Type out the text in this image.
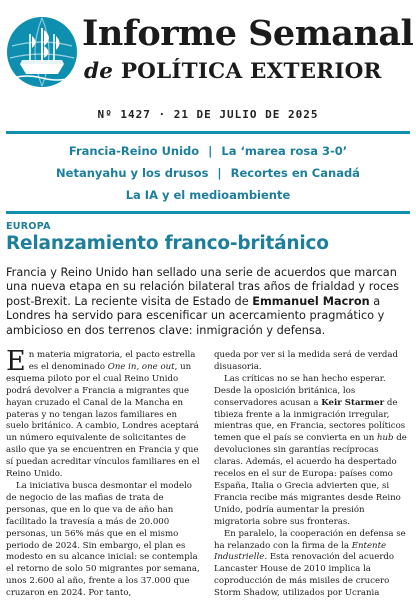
Informe Semanal
de POLÍTICA EXTERIOR
Nº 1427 · 21 DE JULIO DE 2025
Francia-Reino Unido | La ‘marea rosa 3-0’
Netanyahu y los drusos | Recortes en Canadá
La IA y el medioambiente
EUROPA
Relanzamiento franco-británico
Francia y Reino Unido han sellado una serie de acuerdos que marcan una nueva etapa en su relación bilateral tras años de frialdad y roces post-Brexit. La reciente visita de Estado de Emmanuel Macron a Londres ha servido para escenificar un acercamiento pragmático y ambicioso en dos terrenos clave: inmigración y defensa.

E n materia migratoria, el pacto estrella
es el denominado One in, one out, un
esquema piloto por el cual Reino Unido
podrá devolver a Francia a migrantes que hayan cruzado el Canal de la Mancha en pateras y no tengan lazos familiares en suelo británico. A cambio, Londres aceptará un número equivalente de solicitantes de asilo que ya se encuentren en Francia y que sí puedan acreditar vínculos familiares en el Reino Unido.

La iniciativa busca desmontar el modelo de negocio de las mafias de trata de personas, que en lo que va de año han facilitado la travesía a más de 20.000 personas, un 56% más que en el mismo periodo de 2024. Sin embargo, el plan es modesto en su alcance inicial: se contempla el retorno de solo 50 migrantes por semana, unos 2.600 al año, frente a los 37.000 que cruzaron en 2024. Por tanto,

queda por ver si la medida será de verdad disuasoria.

Las críticas no se han hecho esperar. Desde la oposición británica, los conservadores acusan a Keir Starmer de tibieza frente a la inmigración irregular, mientras que, en Francia, sectores políticos temen que el país se convierta en un hub de devoluciones sin garantías recíprocas claras. Además, el acuerdo ha despertado recelos en el sur de Europa: países como España, Italia o Grecia advierten que, si Francia recibe más migrantes desde Reino Unido, podría aumentar la presión migratoria sobre sus fronteras.

En paralelo, la cooperación en defensa se ha relanzado con la firma de la Entente Industrielle. Esta renovación del acuerdo Lancaster House de 2010 implica la coproducción de más misiles de crucero Storm Shadow, utilizados por Ucrania
